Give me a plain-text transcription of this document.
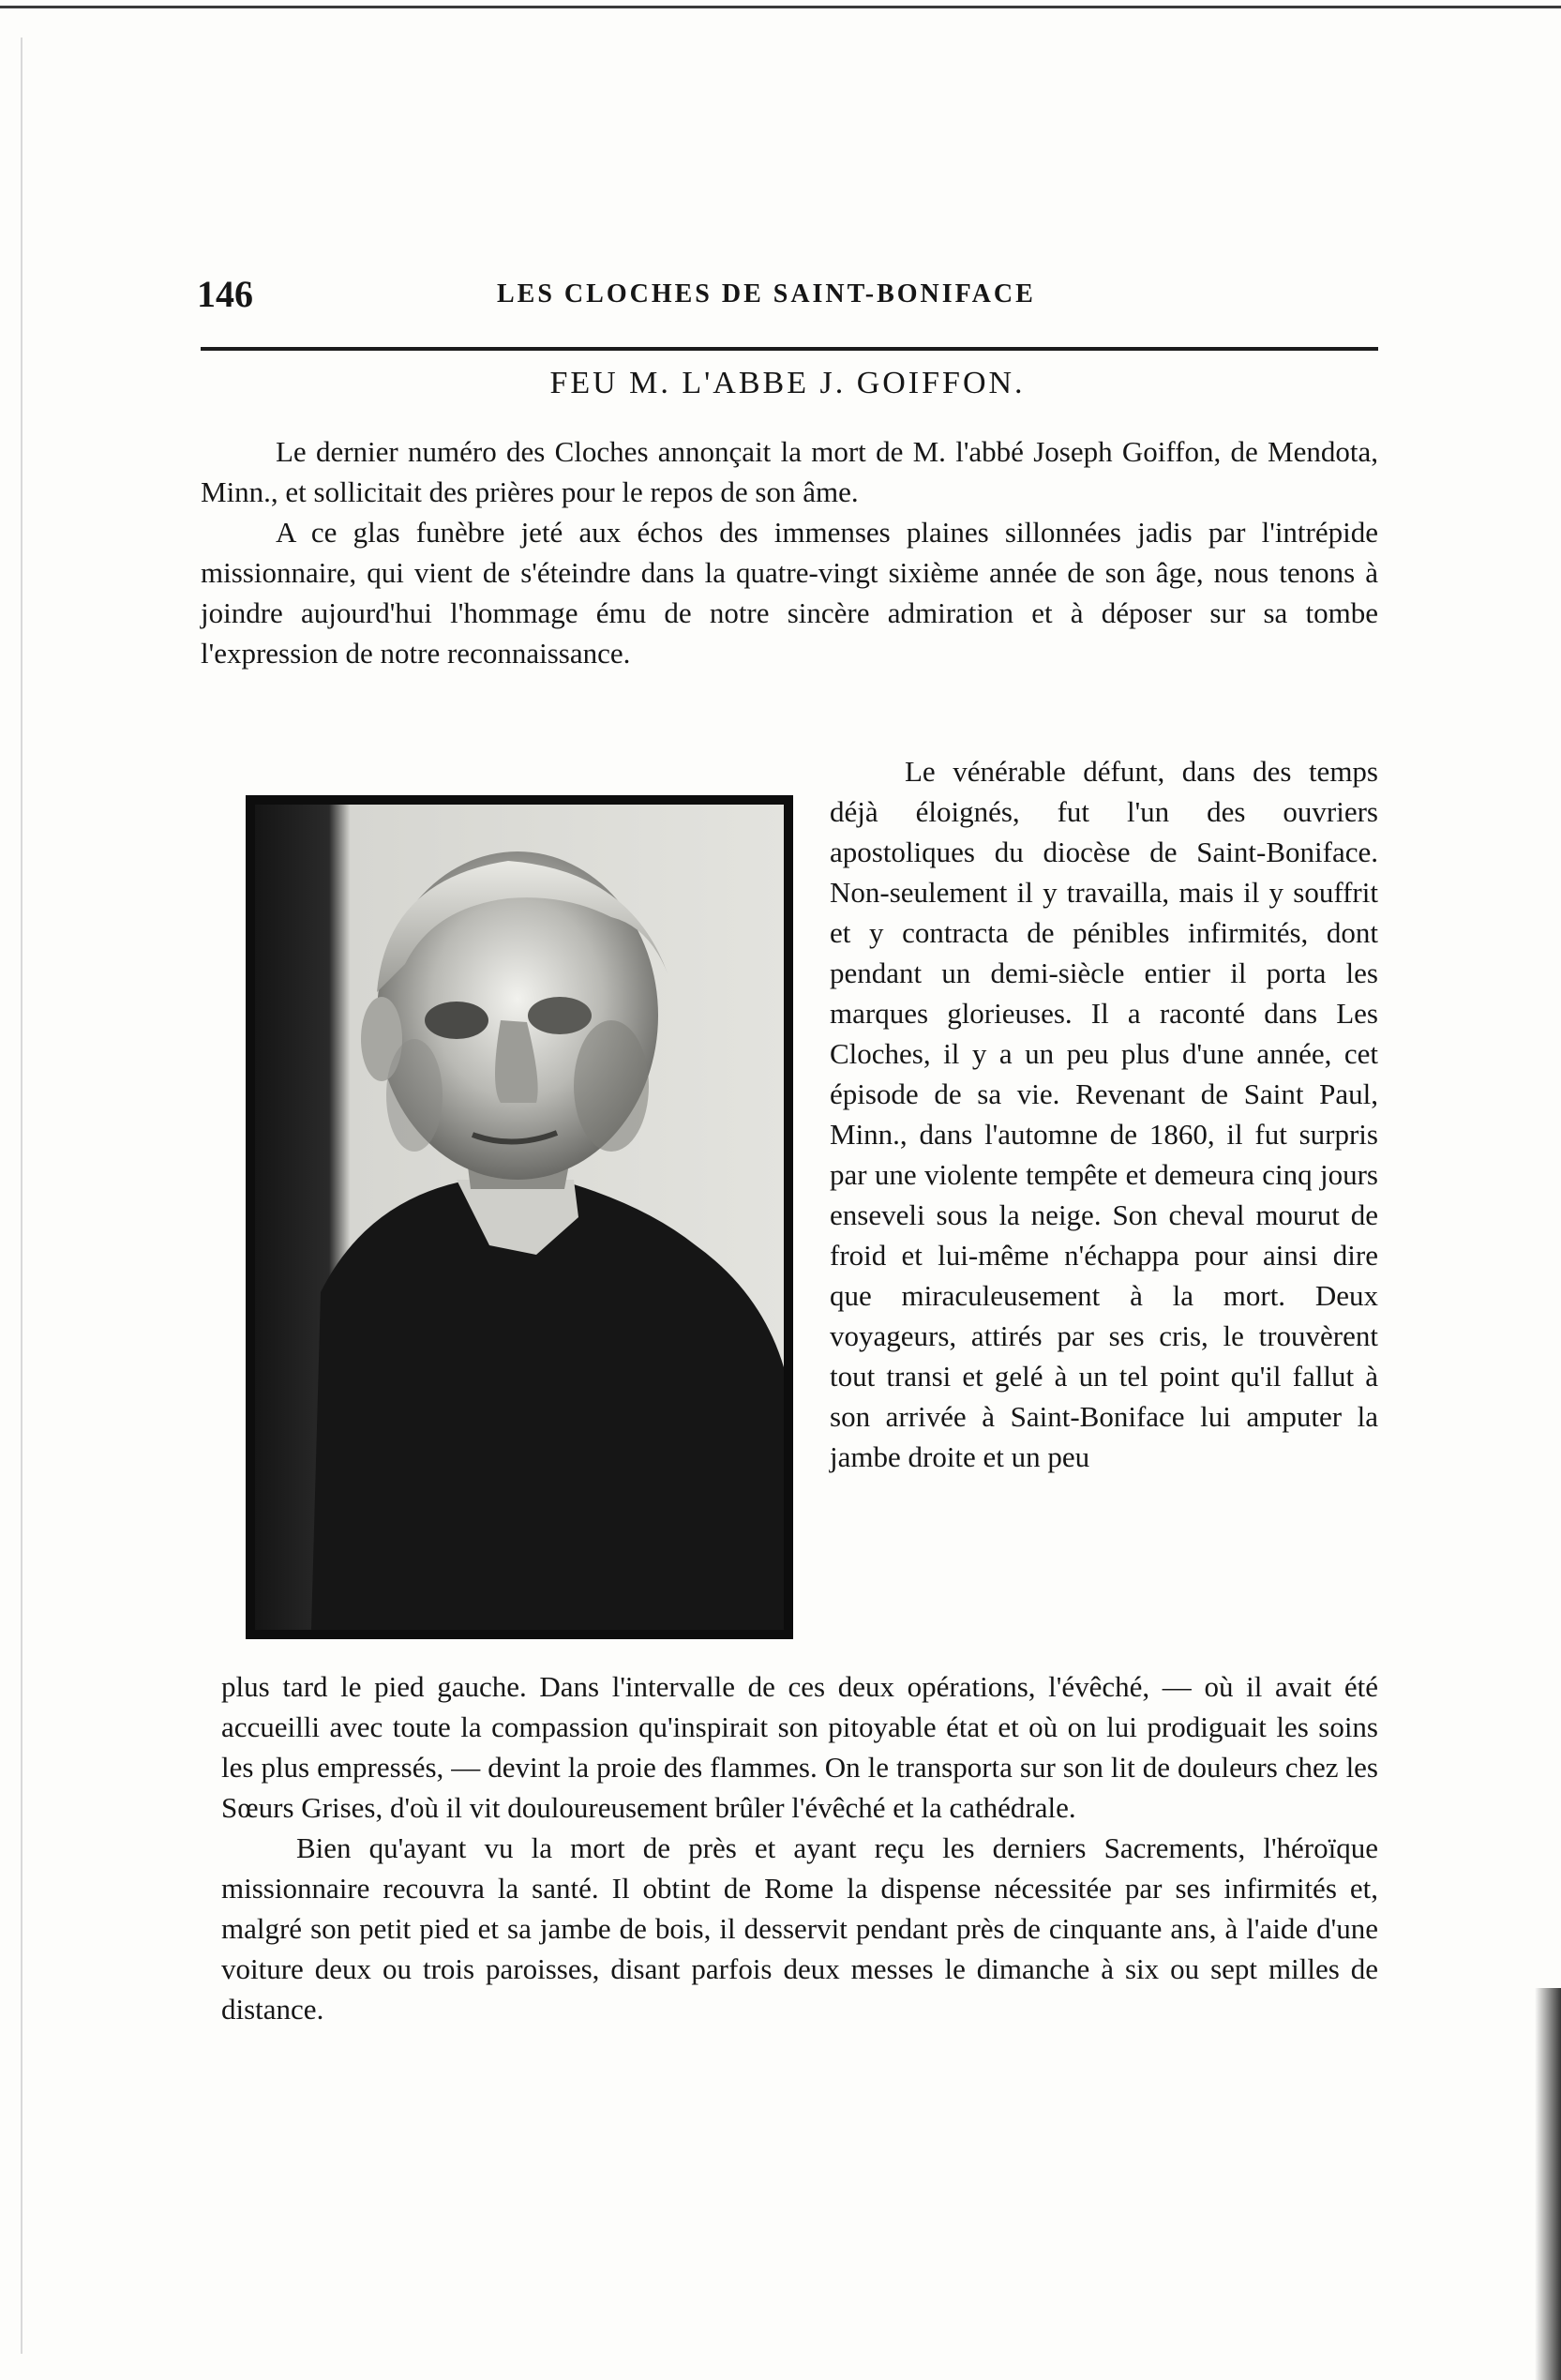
146	LES CLOCHES DE SAINT-BONIFACE
FEU M. L'ABBE J. GOIFFON.

Le dernier numéro des Cloches annonçait la mort de M. l'abbé Joseph Goiffon, de Mendota, Minn., et sollicitait des prières pour le repos de son âme.

A ce glas funèbre jeté aux échos des immenses plaines sillonnées jadis par l'intrépide missionnaire, qui vient de s'éteindre dans la quatre-vingt sixième année de son âge, nous tenons à joindre aujourd'hui l'hommage ému de notre sincère admiration et à déposer sur sa tombe l'expression de notre reconnaissance.

Le vénérable défunt, dans des temps déjà éloignés, fut l'un des ouvriers apostoliques du diocèse de Saint-Boniface. Non-seulement il y travailla, mais il y souffrit et y contracta de pénibles infirmités, dont pendant un demi-siècle entier il porta les marques glorieuses. Il a raconté dans Les Cloches, il y a un peu plus d'une année, cet épisode de sa vie. Revenant de Saint Paul, Minn., dans l'automne de 1860, il fut surpris par une violente tempête et demeura cinq jours enseveli sous la neige. Son cheval mourut de froid et lui-même n'échappa pour ainsi dire que miraculeusement à la mort. Deux voyageurs, attirés par ses cris, le trouvèrent tout transi et gelé à un tel point qu'il fallut à son arrivée à Saint-Boniface lui amputer la jambe droite et un peu

plus tard le pied gauche. Dans l'intervalle de ces deux opérations, l'évêché, — où il avait été accueilli avec toute la compassion qu'inspirait son pitoyable état et où on lui prodiguait les soins les plus empressés, — devint la proie des flammes. On le transporta sur son lit de douleurs chez les Sœurs Grises, d'où il vit douloureusement brûler l'évêché et la cathédrale.

Bien qu'ayant vu la mort de près et ayant reçu les derniers Sacrements, l'héroïque missionnaire recouvra la santé. Il obtint de Rome la dispense nécessitée par ses infirmités et, malgré son petit pied et sa jambe de bois, il desservit pendant près de cinquante ans, à l'aide d'une voiture deux ou trois paroisses, disant parfois deux messes le dimanche à six ou sept milles de distance.
